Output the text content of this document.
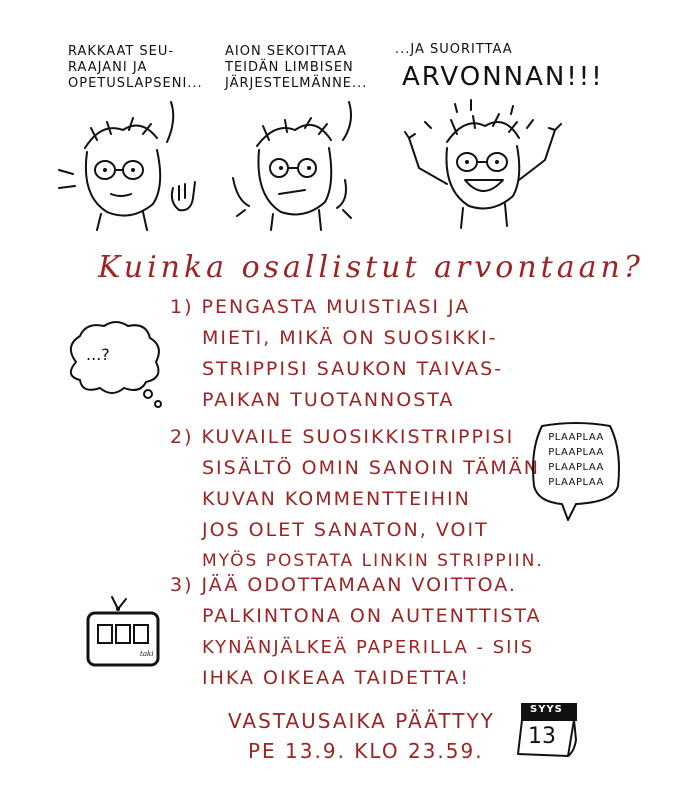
RAKKAAT SEU-
RAAJANI JA
OPETUSLAPSENI...
AION SEKOITTAA
TEIDÄN LIMBISEN
JÄRJESTELMÄNNE...
...JA SUORITTAA
ARVONNAN!!!
Kuinka osallistut arvontaan?
...?
1) PENGASTA MUISTIASI JA
MIETI, MIKÄ ON SUOSIKKI-
STRIPPISI SAUKON TAIVAS-
PAIKAN TUOTANNOSTA
2) KUVAILE SUOSIKKISTRIPPISI
SISÄLTÖ OMIN SANOIN TÄMÄN
KUVAN KOMMENTTEIHIN
JOS OLET SANATON, VOIT
MYÖS POSTATA LINKIN STRIPPIIN.
3) JÄÄ ODOTTAMAAN VOITTOA.
PALKINTONA ON AUTENTTISTA
KYNÄNJÄLKEÄ PAPERILLA - SIIS
IHKA OIKEAA TAIDETTA!
PLAAPLAA
PLAAPLAA
PLAAPLAA
PLAAPLAA
taki
VASTAUSAIKA PÄÄTTYY
PE 13.9. KLO 23.59.
SYYS
13
